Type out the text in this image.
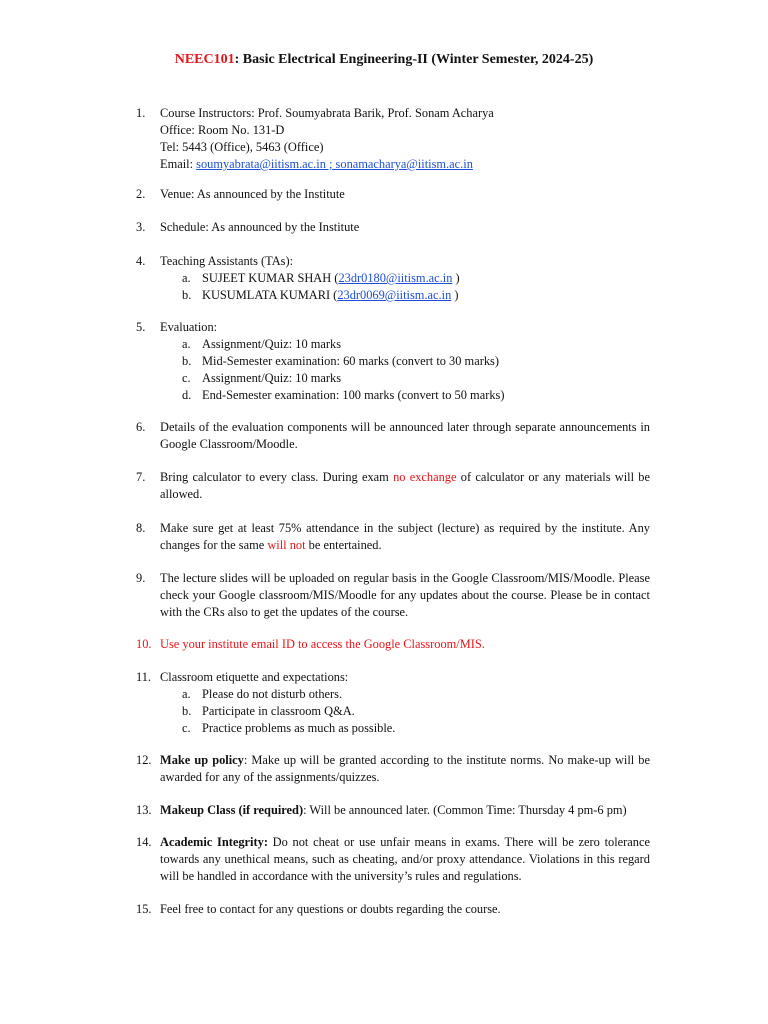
NEEC101: Basic Electrical Engineering-II (Winter Semester, 2024-25)
1.	Course Instructors: Prof. Soumyabrata Barik, Prof. Sonam Acharya
Office: Room No. 131-D
Tel: 5443 (Office), 5463 (Office)
Email: soumyabrata@iitism.ac.in ; sonamacharya@iitism.ac.in
2.	Venue: As announced by the Institute
3.	Schedule: As announced by the Institute
4.	Teaching Assistants (TAs):
a. SUJEET KUMAR SHAH (23dr0180@iitism.ac.in )
b. KUSUMLATA KUMARI (23dr0069@iitism.ac.in )
5.	Evaluation:
a. Assignment/Quiz: 10 marks
b. Mid-Semester examination: 60 marks (convert to 30 marks)
c. Assignment/Quiz: 10 marks
d. End-Semester examination: 100 marks (convert to 50 marks)
6.	Details of the evaluation components will be announced later through separate announcements in Google Classroom/Moodle.
7.	Bring calculator to every class. During exam no exchange of calculator or any materials will be allowed.
8.	Make sure get at least 75% attendance in the subject (lecture) as required by the institute. Any changes for the same will not be entertained.
9.	The lecture slides will be uploaded on regular basis in the Google Classroom/MIS/Moodle. Please check your Google classroom/MIS/Moodle for any updates about the course. Please be in contact with the CRs also to get the updates of the course.
10. Use your institute email ID to access the Google Classroom/MIS.
11. Classroom etiquette and expectations:
a. Please do not disturb others.
b. Participate in classroom Q&A.
c. Practice problems as much as possible.
12. Make up policy: Make up will be granted according to the institute norms. No make-up will be awarded for any of the assignments/quizzes.
13. Makeup Class (if required): Will be announced later. (Common Time: Thursday 4 pm-6 pm)
14. Academic Integrity: Do not cheat or use unfair means in exams. There will be zero tolerance towards any unethical means, such as cheating, and/or proxy attendance. Violations in this regard will be handled in accordance with the university’s rules and regulations.
15. Feel free to contact for any questions or doubts regarding the course.
